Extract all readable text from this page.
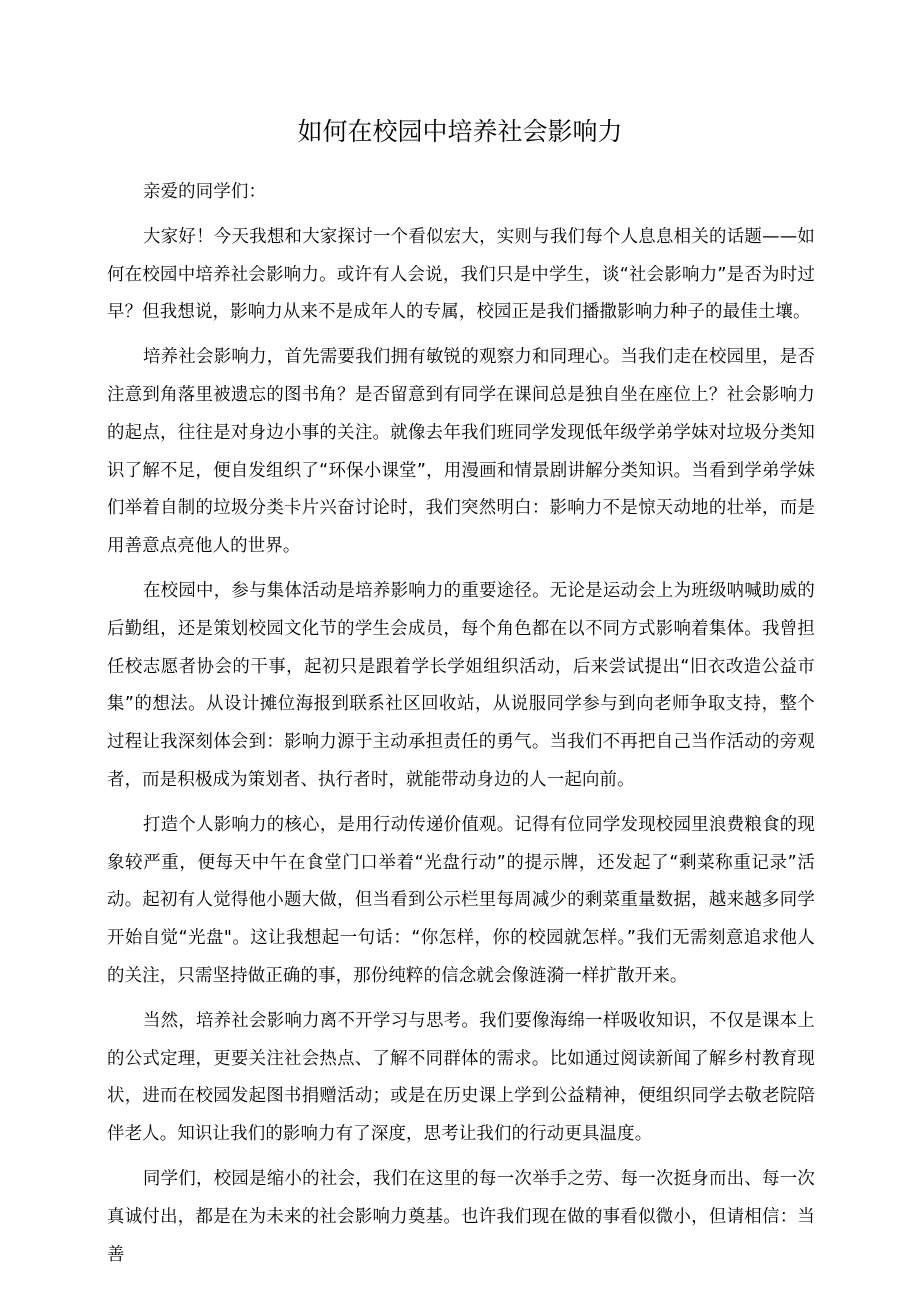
如何在校园中培养社会影响力

亲爱的同学们：

大家好！今天我想和大家探讨一个看似宏大，实则与我们每个人息息相关的话题——如何在校园中培养社会影响力。或许有人会说，我们只是中学生，谈“社会影响力”是否为时过早？但我想说，影响力从来不是成年人的专属，校园正是我们播撒影响力种子的最佳土壤。

培养社会影响力，首先需要我们拥有敏锐的观察力和同理心。当我们走在校园里，是否注意到角落里被遗忘的图书角？是否留意到有同学在课间总是独自坐在座位上？社会影响力的起点，往往是对身边小事的关注。就像去年我们班同学发现低年级学弟学妹对垃圾分类知识了解不足，便自发组织了“环保小课堂”，用漫画和情景剧讲解分类知识。当看到学弟学妹们举着自制的垃圾分类卡片兴奋讨论时，我们突然明白：影响力不是惊天动地的壮举，而是用善意点亮他人的世界。

在校园中，参与集体活动是培养影响力的重要途径。无论是运动会上为班级呐喊助威的后勤组，还是策划校园文化节的学生会成员，每个角色都在以不同方式影响着集体。我曾担任校志愿者协会的干事，起初只是跟着学长学姐组织活动，后来尝试提出“旧衣改造公益市集”的想法。从设计摊位海报到联系社区回收站，从说服同学参与到向老师争取支持，整个过程让我深刻体会到：影响力源于主动承担责任的勇气。当我们不再把自己当作活动的旁观者，而是积极成为策划者、执行者时，就能带动身边的人一起向前。

打造个人影响力的核心，是用行动传递价值观。记得有位同学发现校园里浪费粮食的现象较严重，便每天中午在食堂门口举着“光盘行动”的提示牌，还发起了“剩菜称重记录”活动。起初有人觉得他小题大做，但当看到公示栏里每周减少的剩菜重量数据，越来越多同学开始自觉“光盘"。这让我想起一句话：“你怎样，你的校园就怎样。”我们无需刻意追求他人的关注，只需坚持做正确的事，那份纯粹的信念就会像涟漪一样扩散开来。

当然，培养社会影响力离不开学习与思考。我们要像海绵一样吸收知识，不仅是课本上的公式定理，更要关注社会热点、了解不同群体的需求。比如通过阅读新闻了解乡村教育现状，进而在校园发起图书捐赠活动；或是在历史课上学到公益精神，便组织同学去敬老院陪伴老人。知识让我们的影响力有了深度，思考让我们的行动更具温度。

同学们，校园是缩小的社会，我们在这里的每一次举手之劳、每一次挺身而出、每一次真诚付出，都是在为未来的社会影响力奠基。也许我们现在做的事看似微小，但请相信：当善
